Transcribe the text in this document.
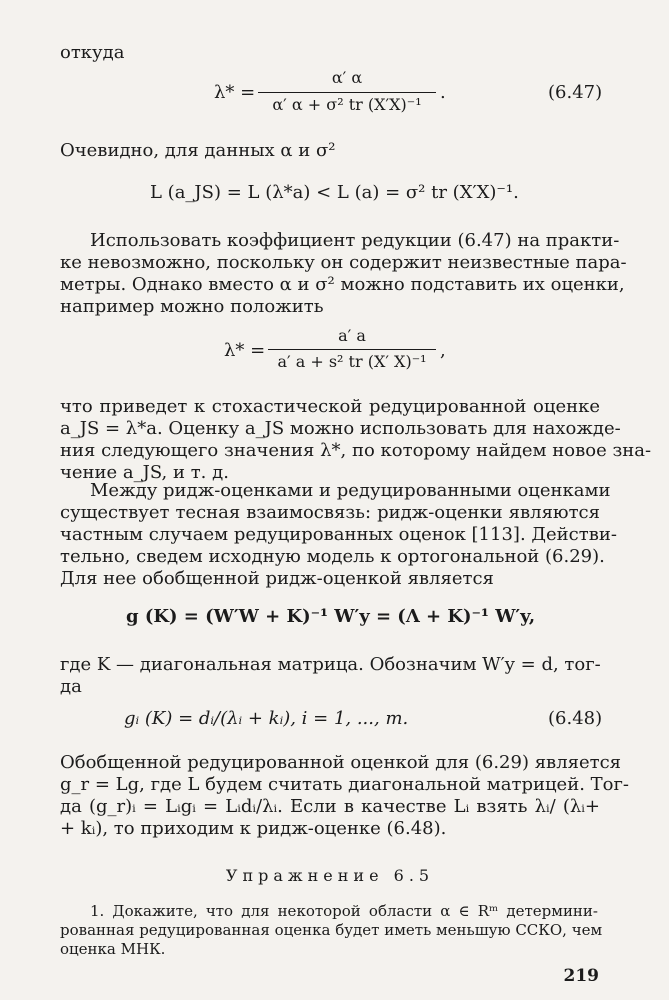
откуда
λ* =
α′ α
α′ α + σ² tr (X′X)⁻¹
.	(6.47)
Очевидно, для данных α и σ²
L (a_JS) = L (λ*a) < L (a) = σ² tr (X′X)⁻¹.
Использовать коэффициент редукции (6.47) на практи-
ке невозможно, поскольку он содержит неизвестные пара-
метры. Однако вместо α и σ² можно подставить их оценки,
например можно положить
λ* =
a′ a
a′ a + s² tr (X′ X)⁻¹
,
что приведет к стохастической редуцированной оценке
a_JS = λ*a. Оценку a_JS можно использовать для нахожде-
ния следующего значения λ*, по которому найдем новое зна-
чение a_JS, и т. д.
Между ридж-оценками и редуцированными оценками
существует тесная взаимосвязь: ридж-оценки являются
частным случаем редуцированных оценок [113]. Действи-
тельно, сведем исходную модель к ортогональной (6.29).
Для нее обобщенной ридж-оценкой является
g (K) = (W′W + K)⁻¹ W′y = (Λ + K)⁻¹ W′y,
где K — диагональная матрица. Обозначим W′y = d, тог-
да
gᵢ (K) = dᵢ/(λᵢ + kᵢ), i = 1, ..., m.	(6.48)
Обобщенной редуцированной оценкой для (6.29) является
g_r = Lg, где L будем считать диагональной матрицей. Тог-
да (g_r)ᵢ = Lᵢgᵢ = Lᵢdᵢ/λᵢ. Если в качестве Lᵢ взять λᵢ/ (λᵢ+
+ kᵢ), то приходим к ридж-оценке (6.48).
Упражнение 6.5
1. Докажите, что для некоторой области α ∈ Rᵐ детермини-
рованная редуцированная оценка будет иметь меньшую ССКО, чем
оценка МНК.
219
